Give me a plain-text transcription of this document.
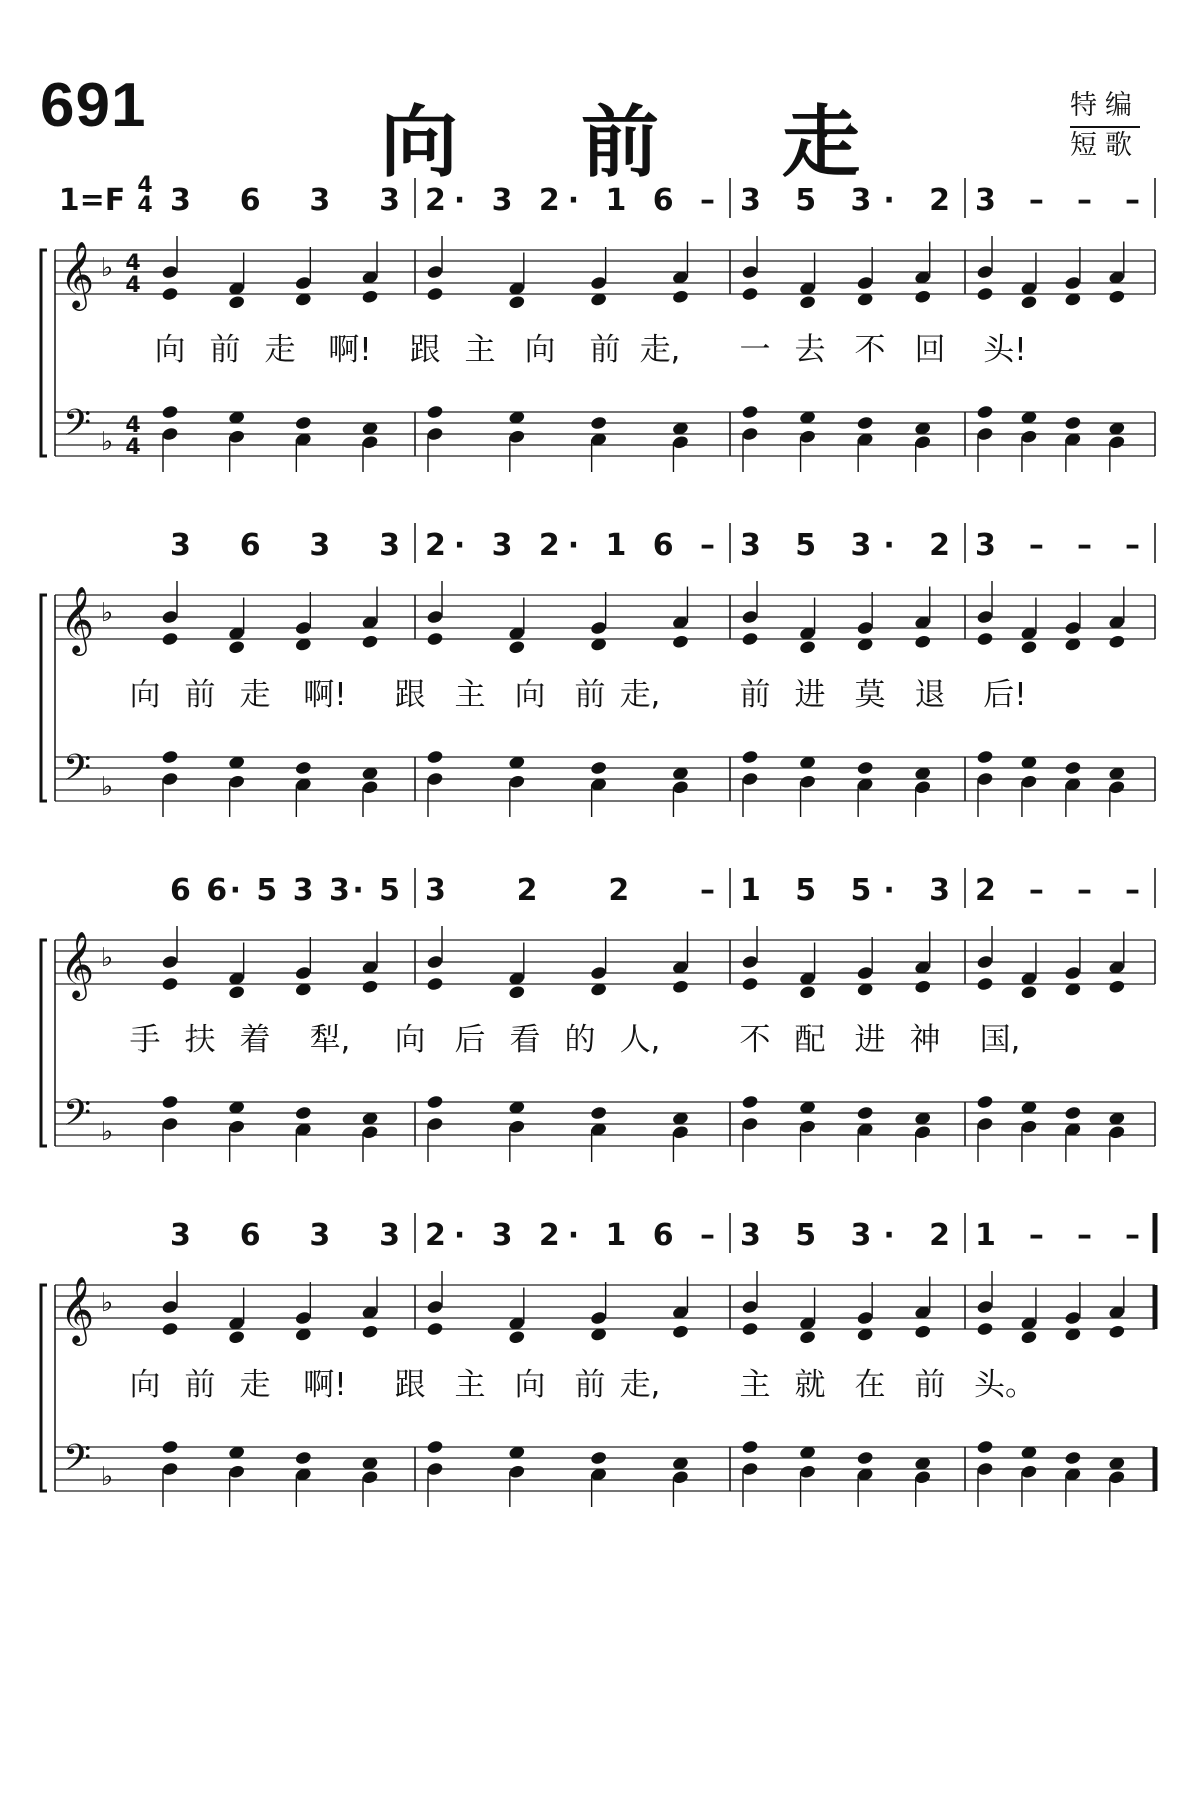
691	向 前 走	特编
短歌
1=F 4
4 3 6 3 3 2· 3 2· 1 6 – 3 5 3· 2 3 – – –
𝄞
𝄢
♭
♭
4
4
4
4
向 前 走 啊! 跟 主 向 前 走, 一 去 不 回 头!
3 6 3 3 2· 3 2· 1 6 – 3 5 3· 2 3 – – –
𝄞
𝄢
♭
♭
向 前 走 啊! 跟 主 向 前 走,	前 进 莫 退 后!
6 6· 5 3 3· 5 3 2 2 – 1 5 5· 3 2 – – –
𝄞
𝄢
♭
♭
手 扶 着 犁, 向 后 看 的 人,	不 配 进 神 国,
3 6 3 3 2· 3 2· 1 6 – 3 5 3· 2 1 – – –
𝄞
𝄢
♭
♭
向 前 走 啊! 跟 主 向 前 走,	主 就 在 前 头。
